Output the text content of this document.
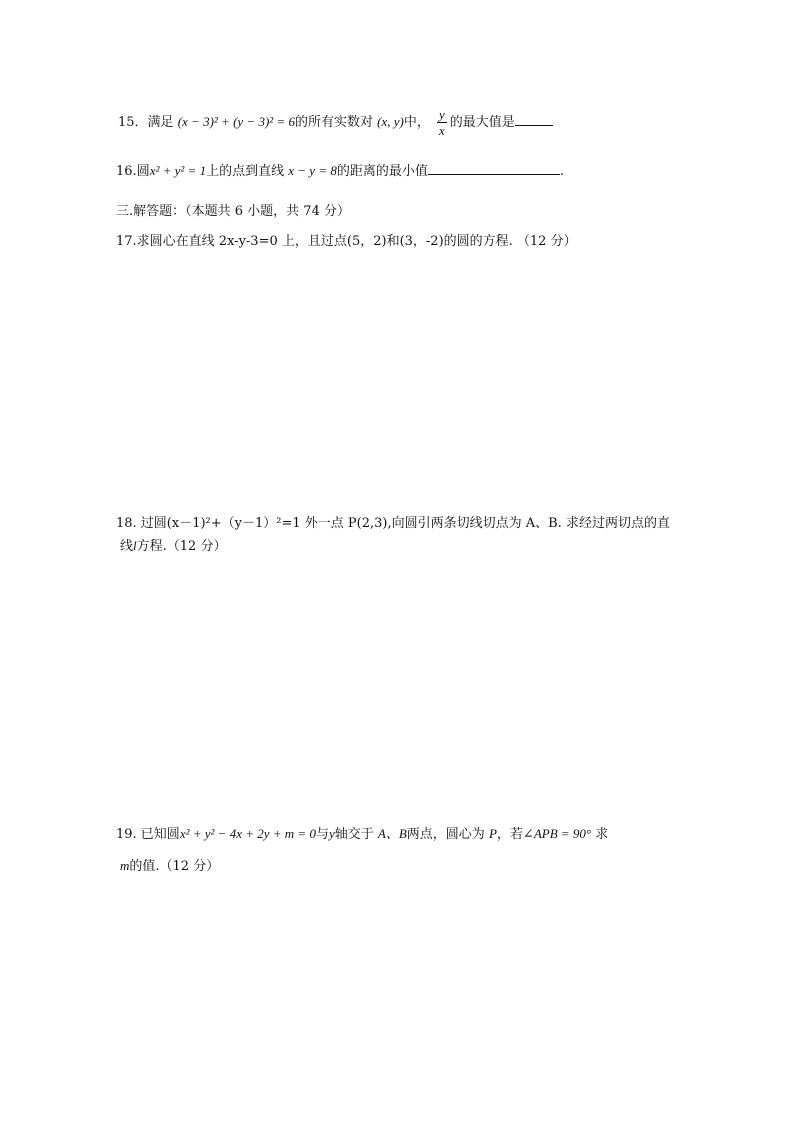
15．满足 (x − 3)² + (y − 3)² = 6的所有实数对 (x, y)中， $\frac{y}{x}$ 的最大值是
16.圆x² + y² = 1上的点到直线 x − y = 8的距离的最小值	.
三.解答题：（本题共 6 小题，共 74 分）
17.求圆心在直线 2x-y-3=0 上，且过点(5，2)和(3，-2)的圆的方程. （12 分）
18. 过圆(x－1)²+（y－1）²=1 外一点 P(2,3),向圆引两条切线切点为 A、B. 求经过两切点的直
线l方程.（12 分）
19. 已知圆x² + y² − 4x + 2y + m = 0与y轴交于 A、B两点，圆心为 P，若∠APB = 90° 求
m的值.（12 分）
